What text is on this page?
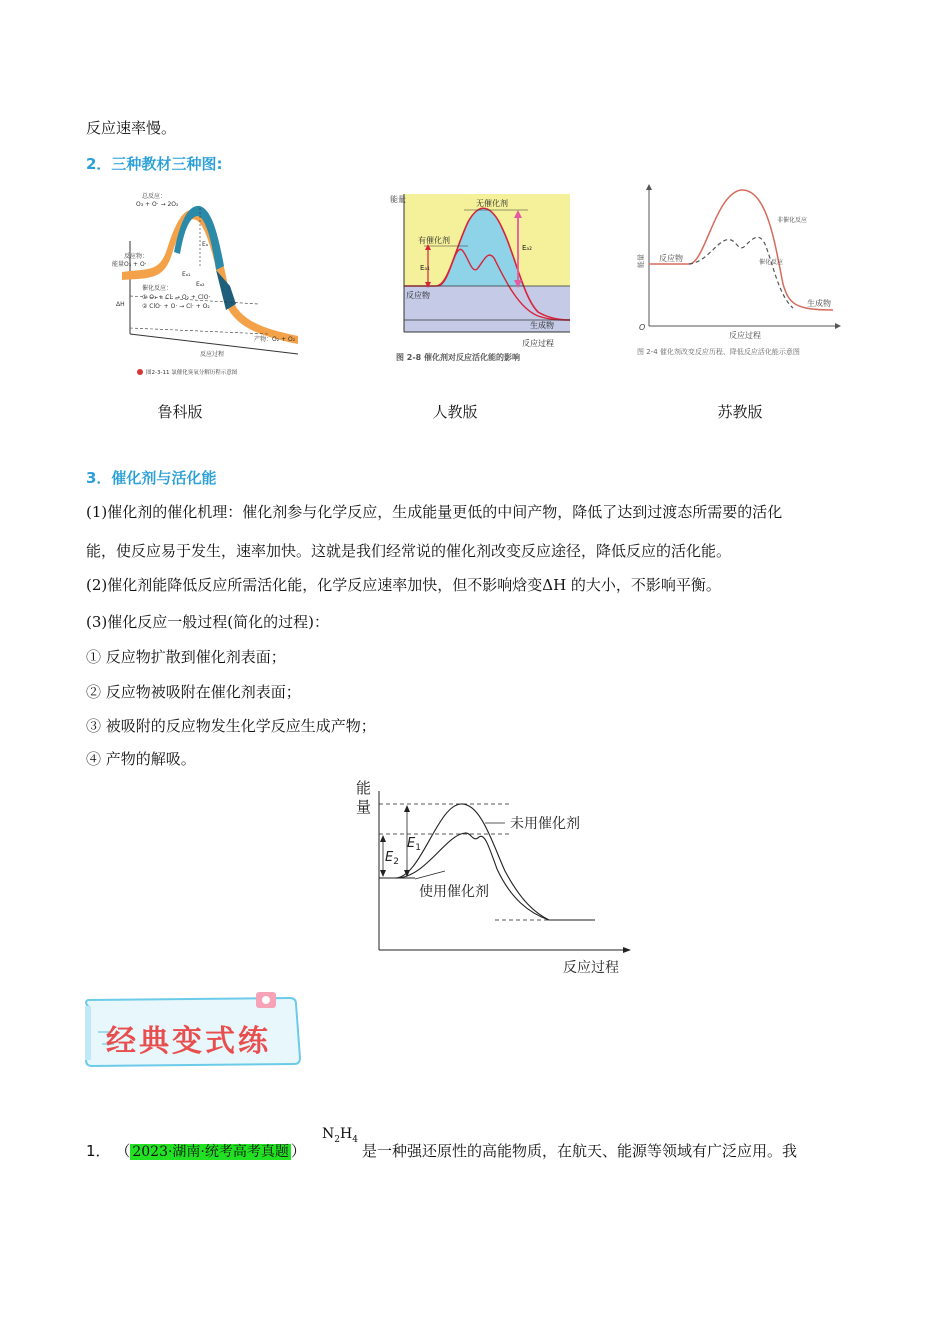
反应速率慢。
2．三种教材三种图:
能量
总反应：
O₃ + O· → 2O₂
反应物：
O₃ + O·
Eₐ
Eₐ₁
Eₐ₂
ΔH
催化反应：
① O₃ + Cl· → O₂ + ClO·
② ClO· + O· → Cl· + O₂
产物：O₂ + O₂
反应过程
图2-3-11 氯催化臭氧分解历程示意图
鲁科版
能量	无催化剂
有催化剂
Eₐ₁
Eₐ₂
反应物
生成物
反应过程
图 2-8 催化剂对反应活化能的影响
人教版
能量 反应物
非催化反应
催化反应
生成物
O
反应过程
图 2-4 催化剂改变反应历程、降低反应活化能示意图
苏教版
3．催化剂与活化能
(1)催化剂的催化机理：催化剂参与化学反应，生成能量更低的中间产物，降低了达到过渡态所需要的活化
能，使反应易于发生，速率加快。这就是我们经常说的催化剂改变反应途径，降低反应的活化能。
(2)催化剂能降低反应所需活化能，化学反应速率加快，但不影响焓变ΔH 的大小，不影响平衡。
(3)催化反应一般过程(简化的过程)：
① 反应物扩散到催化剂表面；
② 反应物被吸附在催化剂表面；
③ 被吸附的反应物发生化学反应生成产物；
④ 产物的解吸。
能
量
$E_1$
$E_2$
未用催化剂
使用催化剂
反应过程
经典变式练
1． （ 2023·湖南·统考高考真题 ）
$N_2H_4$
是一种强还原性的高能物质，在航天、能源等领域有广泛应用。我
